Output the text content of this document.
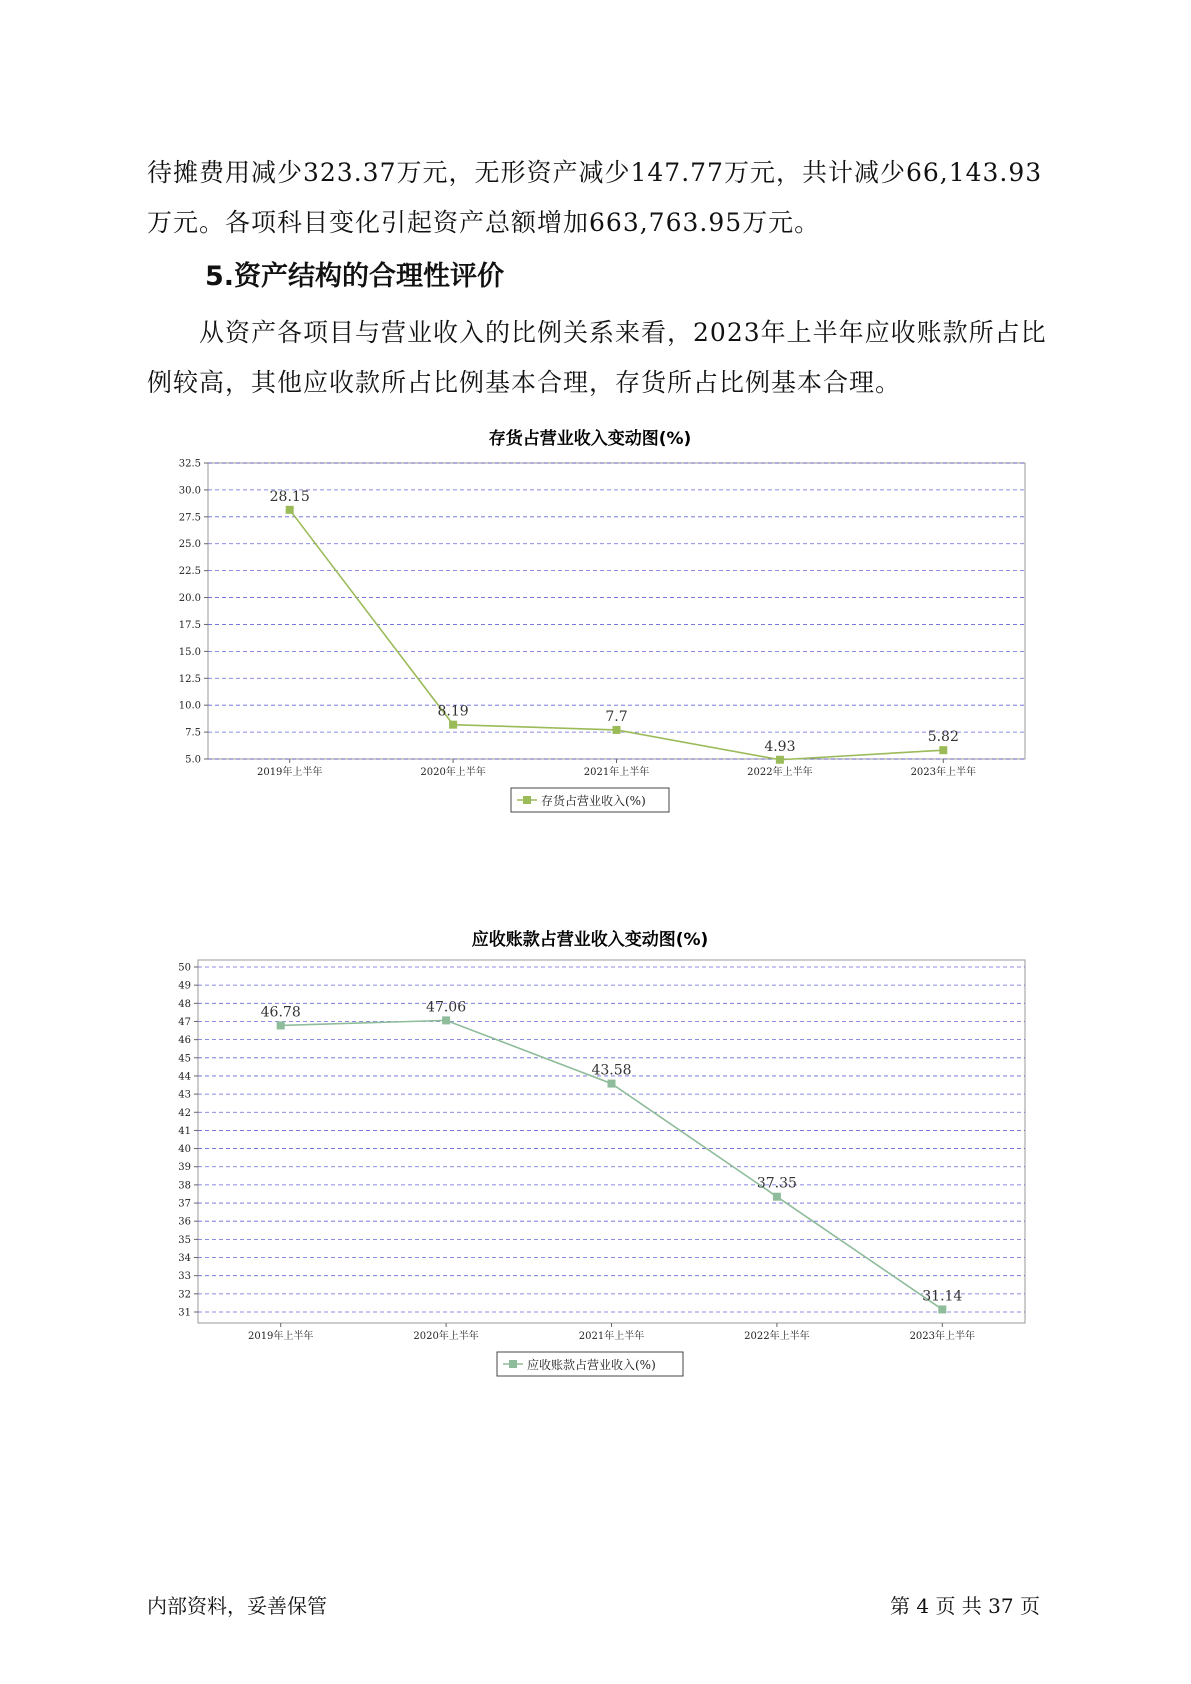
待摊费用减少323.37万元，无形资产减少147.77万元，共计减少66,143.93万元。各项科目变化引起资产总额增加663,763.95万元。

5.资产结构的合理性评价

从资产各项目与营业收入的比例关系来看，2023年上半年应收账款所占比例较高，其他应收款所占比例基本合理，存货所占比例基本合理。

存货占营业收入变动图(%)
5.0
7.5
10.0
12.5
15.0
17.5
20.0
22.5
25.0
27.5
30.0
32.5
2019年上半年	2020年上半年	2021年上半年	2022年上半年	2023年上半年
28.15
8.19	7.7
4.93
5.82
存货占营业收入(%)
应收账款占营业收入变动图(%)
31
32
33
34
35
36
37
38
39
40
41
42
43
44
45
46
47
48
49
50
2019年上半年	2020年上半年	2021年上半年	2022年上半年	2023年上半年
46.78	47.06
43.58
37.35
31.14
应收账款占营业收入(%)
内部资料，妥善保管	第 4 页 共 37 页
